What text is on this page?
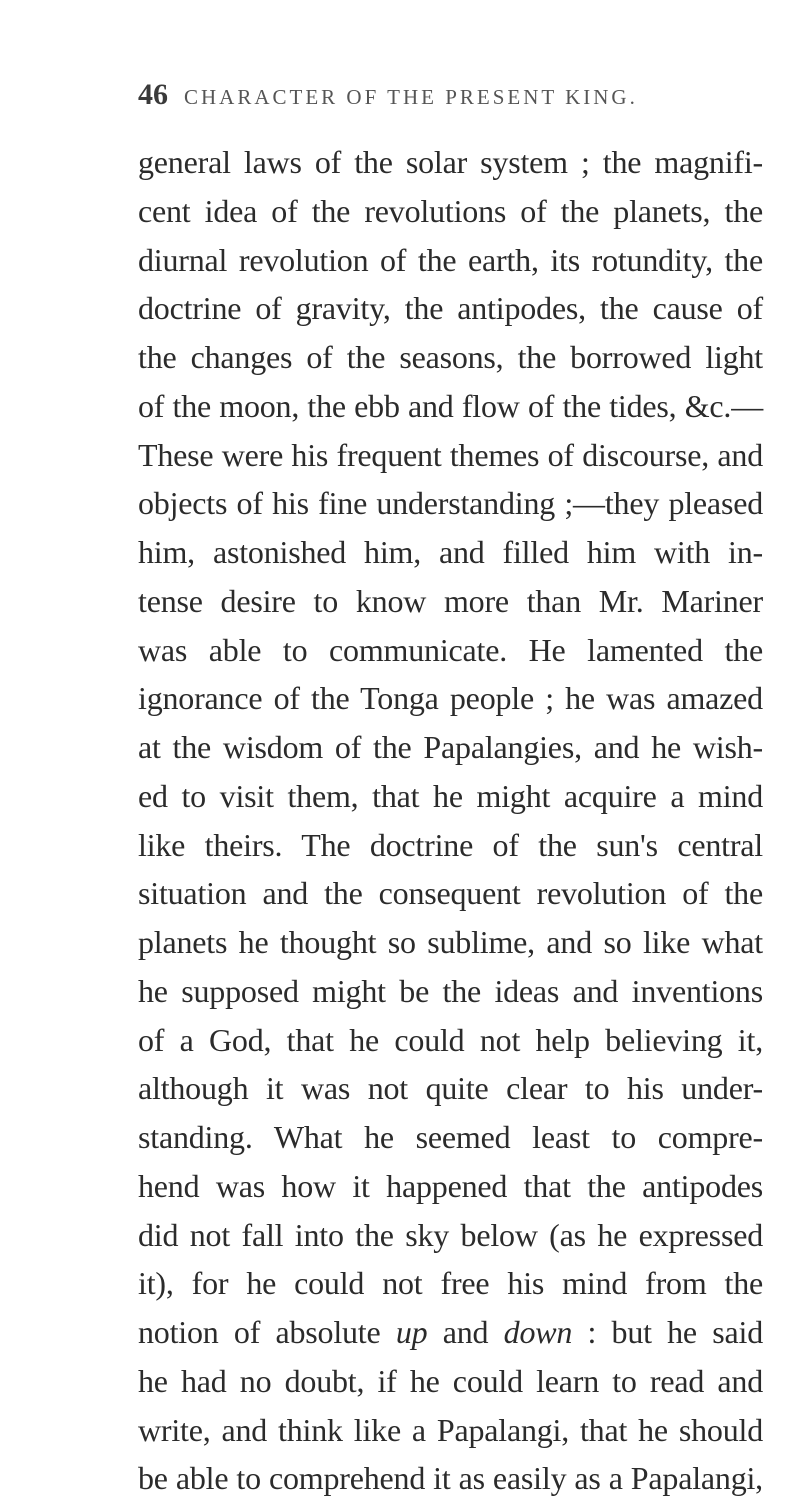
46 CHARACTER OF THE PRESENT KING.
general laws of the solar system ; the magnifi-
cent idea of the revolutions of the planets, the
diurnal revolution of the earth, its rotundity, the
doctrine of gravity, the antipodes, the cause of
the changes of the seasons, the borrowed light
of the moon, the ebb and flow of the tides, &c.—
These were his frequent themes of discourse, and
objects of his fine understanding ;—they pleased
him, astonished him, and filled him with in-
tense desire to know more than Mr. Mariner
was able to communicate. He lamented the
ignorance of the Tonga people ; he was amazed
at the wisdom of the Papalangies, and he wish-
ed to visit them, that he might acquire a mind
like theirs. The doctrine of the sun's central
situation and the consequent revolution of the
planets he thought so sublime, and so like what
he supposed might be the ideas and inventions
of a God, that he could not help believing it,
although it was not quite clear to his under-
standing. What he seemed least to compre-
hend was how it happened that the antipodes
did not fall into the sky below (as he expressed
it), for he could not free his mind from the
notion of absolute up and down : but he said
he had no doubt, if he could learn to read and
write, and think like a Papalangi, that he should
be able to comprehend it as easily as a Papalangi,
